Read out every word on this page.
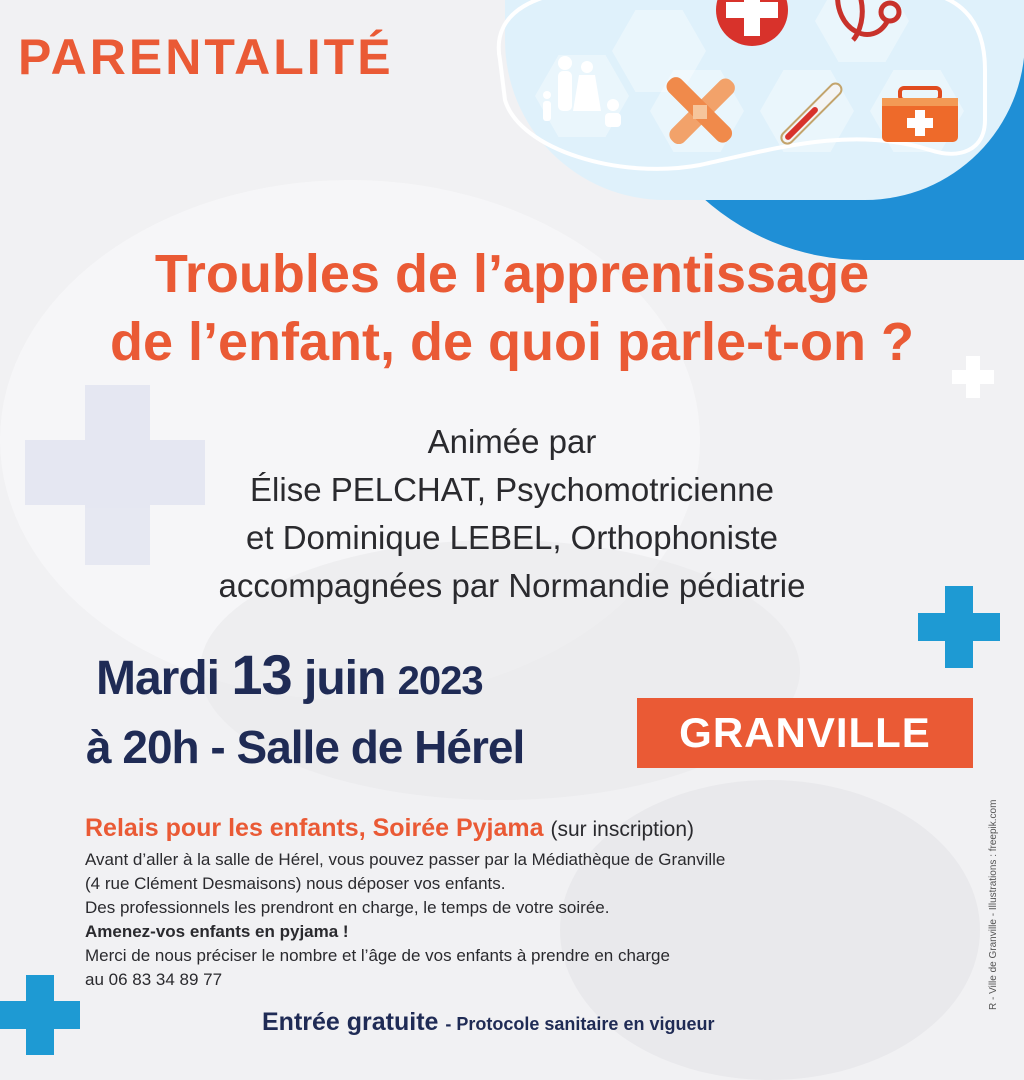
PARENTALITÉ
Troubles de l’apprentissage
de l’enfant, de quoi parle-t-on ?
Animée par
Élise PELCHAT, Psychomotricienne
et Dominique LEBEL, Orthophoniste
accompagnées par Normandie pédiatrie
Mardi 13 juin 2023
à 20h - Salle de Hérel	GRANVILLE
Relais pour les enfants, Soirée Pyjama (sur inscription)
Avant d’aller à la salle de Hérel, vous pouvez passer par la Médiathèque de Granville
(4 rue Clément Desmaisons) nous déposer vos enfants.
Des professionnels les prendront en charge, le temps de votre soirée.
Amenez-vos enfants en pyjama !
Merci de nous préciser le nombre et l’âge de vos enfants à prendre en charge
au 06 83 34 89 77
Entrée gratuite - Protocole sanitaire en vigueur
R - Ville de Granville - Illustrations : freepik.com
